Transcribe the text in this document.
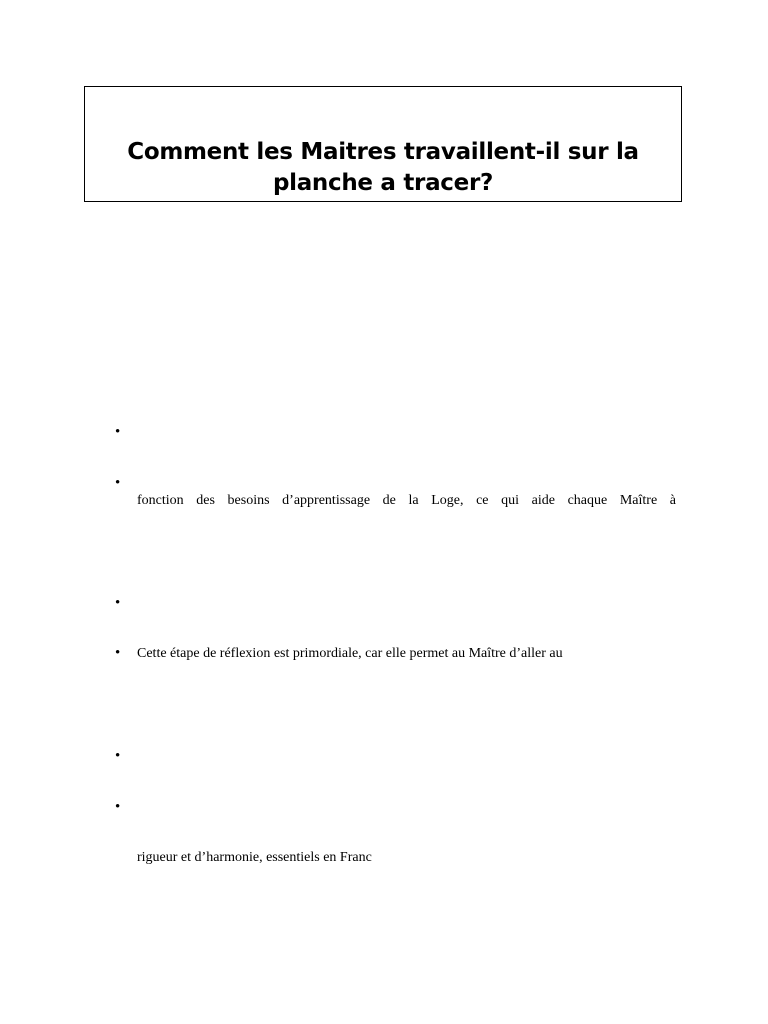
Comment les Maitres travaillent-il sur la planche a tracer?
•
•
fonction des besoins d’apprentissage de la Loge, ce qui aide chaque Maître à
•
• Cette étape de réflexion est primordiale, car elle permet au Maître d’aller au
•
•
rigueur et d’harmonie, essentiels en Franc
